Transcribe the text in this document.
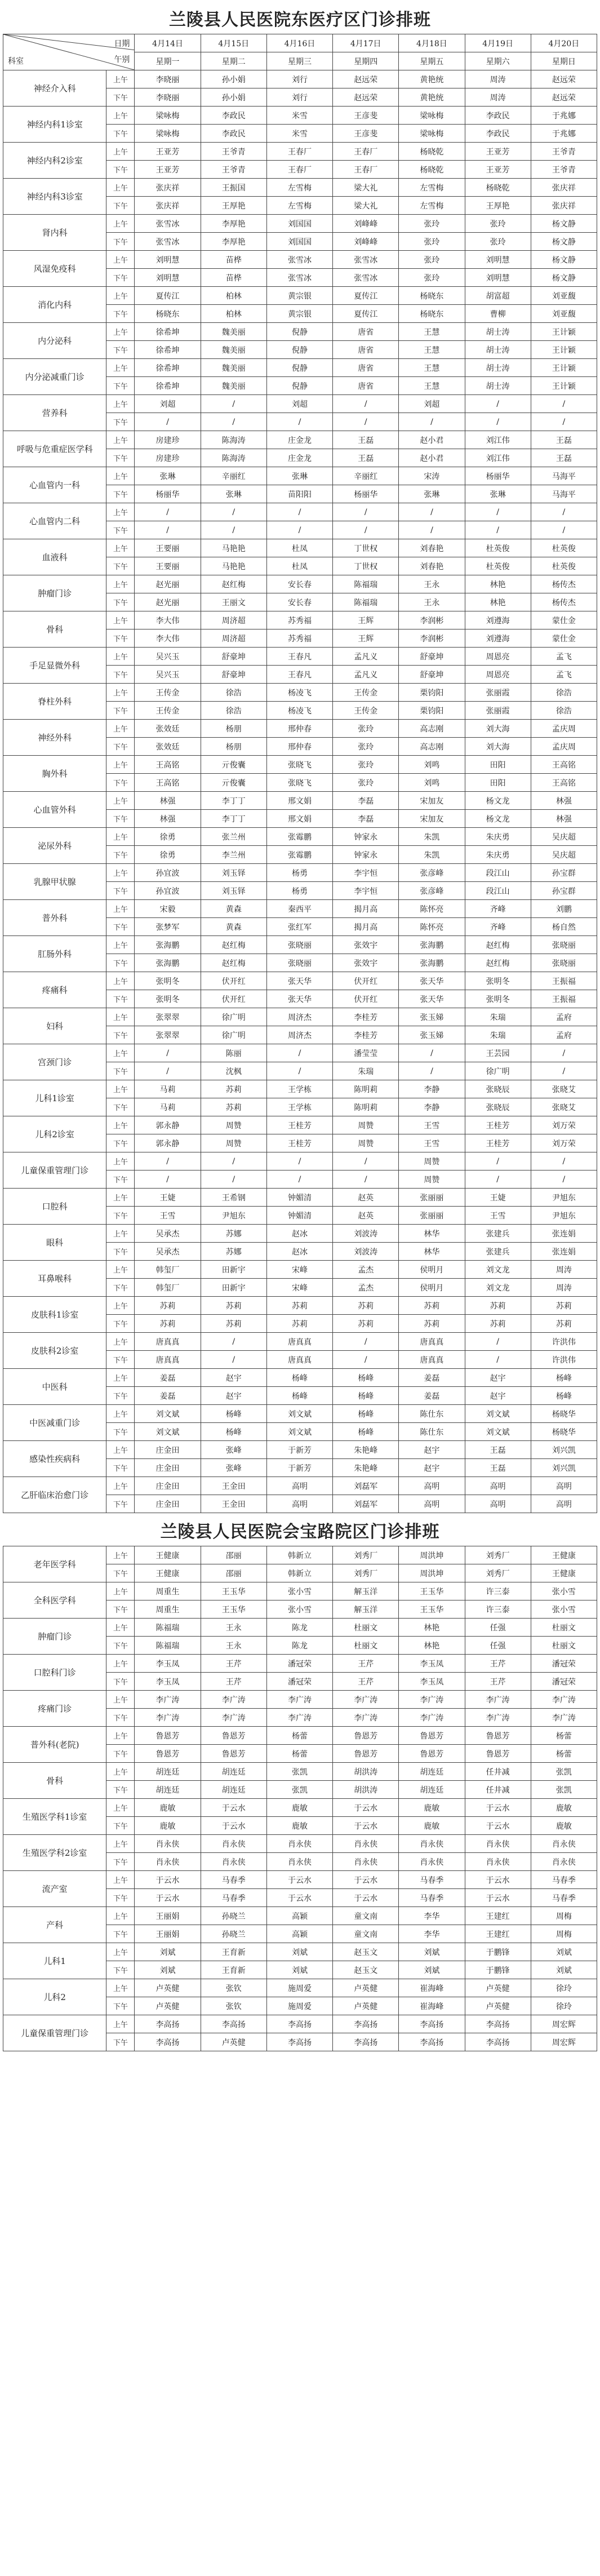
兰陵县人民医院东医疗区门诊排班
日期
午别
科室		4月14日	4月15日	4月16日	4月17日	4月18日	4月19日	4月20日
		星期一	星期二	星期三	星期四	星期五	星期六	星期日
神经介入科	上午	李晓丽	孙小娟	刘行	赵远荣	黄艳统	周涛	赵远荣
	下午	李晓丽	孙小娟	刘行	赵远荣	黄艳统	周涛	赵远荣
神经内科1诊室	上午	梁咏梅	李政民	米雪	王彦斐	梁咏梅	李政民	于兆娜
	下午	梁咏梅	李政民	米雪	王彦斐	梁咏梅	李政民	于兆娜
神经内科2诊室	上午	王亚芳	王爷青	王春厂	王春厂	杨晓乾	王亚芳	王爷青
	下午	王亚芳	王爷青	王春厂	王春厂	杨晓乾	王亚芳	王爷青
神经内科3诊室	上午	张庆祥	王振国	左雪梅	梁大礼	左雪梅	杨晓乾	张庆祥
	下午	张庆祥	王厚艳	左雪梅	梁大礼	左雪梅	王厚艳	张庆祥
肾内科	上午	张雪冰	李厚艳	刘国国	刘峰峰	张玲	张玲	杨文静
	下午	张雪冰	李厚艳	刘国国	刘峰峰	张玲	张玲	杨文静
风湿免疫科	上午	刘明慧	苗桦	张雪冰	张雪冰	张玲	刘明慧	杨文静
	下午	刘明慧	苗桦	张雪冰	张雪冰	张玲	刘明慧	杨文静
消化内科	上午	夏传江	柏林	黄宗银	夏传江	杨晓东	胡富超	刘亚馥
	下午	杨晓东	柏林	黄宗银	夏传江	杨晓东	曹柳	刘亚馥
内分泌科	上午	徐希坤	魏美丽	倪静	唐省	王慧	胡士涛	王计颖
	下午	徐希坤	魏美丽	倪静	唐省	王慧	胡士涛	王计颖
内分泌减重门诊	上午	徐希坤	魏美丽	倪静	唐省	王慧	胡士涛	王计颖
	下午	徐希坤	魏美丽	倪静	唐省	王慧	胡士涛	王计颖
营养科	上午	刘超	/	刘超	/	刘超	/	/
	下午	/	/	/	/	/	/	/
呼吸与危重症医学科	上午	房建珍	陈海涛	庄金龙	王磊	赵小君	刘江伟	王磊
	下午	房建珍	陈海涛	庄金龙	王磊	赵小君	刘江伟	王磊
心血管内一科	上午	张琳	辛丽红	张琳	辛丽红	宋涛	杨丽华	马海平
	下午	杨丽华	张琳	苗阳阳	杨丽华	张琳	张琳	马海平
心血管内二科	上午	/	/	/	/	/	/	/
	下午	/	/	/	/	/	/	/
血液科	上午	王要丽	马艳艳	杜凤	丁世权	刘春艳	杜英俊	杜英俊
	下午	王要丽	马艳艳	杜凤	丁世权	刘春艳	杜英俊	杜英俊
肿瘤门诊	上午	赵光丽	赵红梅	安长春	陈福瑞	王永	林艳	杨传杰
	下午	赵光丽	王丽文	安长春	陈福瑞	王永	林艳	杨传杰
骨科	上午	李大伟	周济超	苏秀福	王辉	李润彬	刘遵海	蒙仕金
	下午	李大伟	周济超	苏秀福	王辉	李润彬	刘遵海	蒙仕金
手足显微外科	上午	吴兴玉	舒豪坤	王春凡	孟凡义	舒豪坤	周恩亮	孟飞
	下午	吴兴玉	舒豪坤	王春凡	孟凡义	舒豪坤	周恩亮	孟飞
脊柱外科	上午	王传金	徐浩	杨凌飞	王传金	栗钧阳	张丽霞	徐浩
	下午	王传金	徐浩	杨凌飞	王传金	栗钧阳	张丽霞	徐浩
神经外科	上午	张效廷	杨朋	邢仲春	张玲	高志刚	刘大海	孟庆周
	下午	张效廷	杨朋	邢仲春	张玲	高志刚	刘大海	孟庆周
胸外科	上午	王高铭	亓俊囊	张晓飞	张玲	刘鸣	田阳	王高铭
	下午	王高铭	亓俊囊	张晓飞	张玲	刘鸣	田阳	王高铭
心血管外科	上午	林强	李丁丁	邢文娟	李磊	宋加友	杨文龙	林强
	下午	林强	李丁丁	邢文娟	李磊	宋加友	杨文龙	林强
泌尿外科	上午	徐勇	张兰州	张霉鹏	钟家永	朱凯	朱庆勇	吴庆超
	下午	徐勇	李兰州	张霉鹏	钟家永	朱凯	朱庆勇	吴庆超
乳腺甲状腺	上午	孙宜波	刘玉铎	杨勇	李宇恒	张彦峰	段江山	孙宝群
	下午	孙宜波	刘玉铎	杨勇	李宇恒	张彦峰	段江山	孙宝群
普外科	上午	宋毅	黄森	秦西平	揭月高	陈怀亮	齐峰	刘鹏
	下午	张梦军	黄森	张红军	揭月高	陈怀亮	齐峰	杨自然
肛肠外科	上午	张海鹏	赵红梅	张晓丽	张效宇	张海鹏	赵红梅	张晓丽
	下午	张海鹏	赵红梅	张晓丽	张效宇	张海鹏	赵红梅	张晓丽
疼痛科	上午	张明冬	伏开红	张天华	伏开红	张天华	张明冬	王振福
	下午	张明冬	伏开红	张天华	伏开红	张天华	张明冬	王振福
妇科	上午	张翠翠	徐广明	周济杰	李桂芳	张玉娣	朱瑞	孟府
	下午	张翠翠	徐广明	周济杰	李桂芳	张玉娣	朱瑞	孟府
宫颈门诊	上午	/	陈丽	/	潘莹莹	/	王芸园	/
	下午	/	沈枫	/	朱瑞	/	徐广明	/
儿科1诊室	上午	马莉	苏莉	王学栋	陈明莉	李静	张晓辰	张晓艾
	下午	马莉	苏莉	王学栋	陈明莉	李静	张晓辰	张晓艾
儿科2诊室	上午	郭永静	周赞	王桂芳	周赞	王雪	王桂芳	刘万荣
	下午	郭永静	周赞	王桂芳	周赞	王雪	王桂芳	刘万荣
儿童保重管理门诊	上午	/	/	/	/	周赞	/	/
	下午	/	/	/	/	周赞	/	/
口腔科	上午	王婕	王希钢	钟媚清	赵英	张丽丽	王婕	尹旭东
	下午	王雪	尹旭东	钟媚清	赵英	张丽丽	王雪	尹旭东
眼科	上午	吴承杰	苏娜	赵冰	刘波涛	林华	张建兵	张连娟
	下午	吴承杰	苏娜	赵冰	刘波涛	林华	张建兵	张连娟
耳鼻喉科	上午	韩玺厂	田新宇	宋峰	孟杰	侯明月	刘文龙	周涛
	下午	韩玺厂	田新宇	宋峰	孟杰	侯明月	刘文龙	周涛
皮肤科1诊室	上午	苏莉	苏莉	苏莉	苏莉	苏莉	苏莉	苏莉
	下午	苏莉	苏莉	苏莉	苏莉	苏莉	苏莉	苏莉
皮肤科2诊室	上午	唐真真	/	唐真真	/	唐真真	/	许洪伟
	下午	唐真真	/	唐真真	/	唐真真	/	许洪伟
中医科	上午	姜磊	赵宇	杨峰	杨峰	姜磊	赵宇	杨峰
	下午	姜磊	赵宇	杨峰	杨峰	姜磊	赵宇	杨峰
中医减重门诊	上午	刘文斌	杨峰	刘文斌	杨峰	陈仕东	刘文斌	杨晓华
	下午	刘文斌	杨峰	刘文斌	杨峰	陈仕东	刘文斌	杨晓华
感染性疾病科	上午	庄金田	张峰	于新芳	朱艳峰	赵宇	王磊	刘兴凯
	下午	庄金田	张峰	于新芳	朱艳峰	赵宇	王磊	刘兴凯
乙肝临床治愈门诊	上午	庄金田	王金田	高明	刘磊军	高明	高明	高明
	下午	庄金田	王金田	高明	刘磊军	高明	高明	高明
兰陵县人民医院会宝路院区门诊排班
老年医学科	上午	王健康	邵丽	韩新立	刘秀厂	周洪坤	刘秀厂	王健康
	下午	王健康	邵丽	韩新立	刘秀厂	周洪坤	刘秀厂	王健康
全科医学科	上午	周重生	王玉华	张小雪	解玉洋	王玉华	许三泰	张小雪
	下午	周重生	王玉华	张小雪	解玉洋	王玉华	许三泰	张小雪
肿瘤门诊	上午	陈福瑞	王永	陈龙	杜丽文	林艳	任强	杜丽文
	下午	陈福瑞	王永	陈龙	杜丽文	林艳	任强	杜丽文
口腔科门诊	上午	李玉凤	王芹	潘冠荣	王芹	李玉凤	王芹	潘冠荣
	下午	李玉凤	王芹	潘冠荣	王芹	李玉凤	王芹	潘冠荣
疼痛门诊	上午	李广涛	李广涛	李广涛	李广涛	李广涛	李广涛	李广涛
	下午	李广涛	李广涛	李广涛	李广涛	李广涛	李广涛	李广涛
普外科(老院)	上午	鲁恩芳	鲁恩芳	杨蕾	鲁恩芳	鲁恩芳	鲁恩芳	杨蕾
	下午	鲁恩芳	鲁恩芳	杨蕾	鲁恩芳	鲁恩芳	鲁恩芳	杨蕾
骨科	上午	胡连廷	胡连廷	张凯	胡洪涛	胡连廷	任井减	张凯
	下午	胡连廷	胡连廷	张凯	胡洪涛	胡连廷	任井减	张凯
生殖医学科1诊室	上午	鹿敏	于云水	鹿敏	于云水	鹿敏	于云水	鹿敏
	下午	鹿敏	于云水	鹿敏	于云水	鹿敏	于云水	鹿敏
生殖医学科2诊室	上午	肖永侠	肖永侠	肖永侠	肖永侠	肖永侠	肖永侠	肖永侠
	下午	肖永侠	肖永侠	肖永侠	肖永侠	肖永侠	肖永侠	肖永侠
流产室	上午	于云水	马春季	于云水	于云水	马春季	于云水	马春季
	下午	于云水	马春季	于云水	于云水	马春季	于云水	马春季
产科	上午	王丽娟	孙晓兰	高颖	童文南	李华	王建红	周梅
	下午	王丽娟	孙晓兰	高颖	童文南	李华	王建红	周梅
儿科1	上午	刘斌	王育新	刘斌	赵玉文	刘斌	于鹏锋	刘斌
	下午	刘斌	王育新	刘斌	赵玉文	刘斌	于鹏锋	刘斌
儿科2	上午	卢英健	张钦	施周爱	卢英健	崔海峰	卢英健	徐玲
	下午	卢英健	张钦	施周爱	卢英健	崔海峰	卢英健	徐玲
儿童保重管理门诊	上午	李高扬	李高扬	李高扬	李高扬	李高扬	李高扬	周宏辉
	下午	李高扬	卢英健	李高扬	李高扬	李高扬	李高扬	周宏辉
